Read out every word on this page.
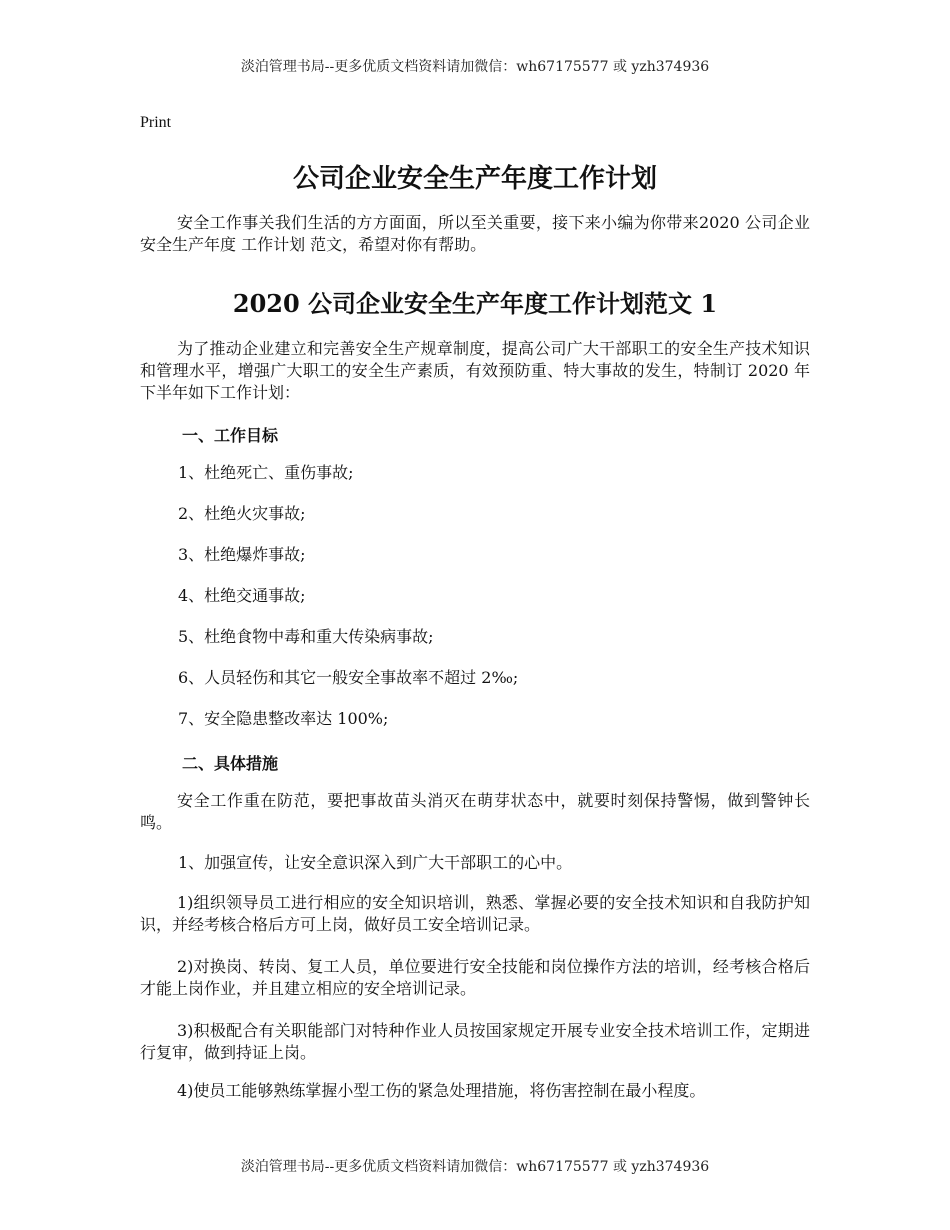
淡泊管理书局--更多优质文档资料请加微信：wh67175577 或 yzh374936
Print
公司企业安全生产年度工作计划
安全工作事关我们生活的方方面面，所以至关重要，接下来小编为你带来2020 公司企业安全生产年度 工作计划 范文，希望对你有帮助。
2020 公司企业安全生产年度工作计划范文 1
为了推动企业建立和完善安全生产规章制度，提高公司广大干部职工的安全生产技术知识和管理水平，增强广大职工的安全生产素质，有效预防重、特大事故的发生，特制订 2020 年下半年如下工作计划：
一、工作目标
1、杜绝死亡、重伤事故;
2、杜绝火灾事故;
3、杜绝爆炸事故;
4、杜绝交通事故;
5、杜绝食物中毒和重大传染病事故;
6、人员轻伤和其它一般安全事故率不超过 2‰;
7、安全隐患整改率达 100%;
二、具体措施
安全工作重在防范，要把事故苗头消灭在萌芽状态中，就要时刻保持警惕，做到警钟长鸣。
1、加强宣传，让安全意识深入到广大干部职工的心中。
1)组织领导员工进行相应的安全知识培训，熟悉、掌握必要的安全技术知识和自我防护知识，并经考核合格后方可上岗，做好员工安全培训记录。
2)对换岗、转岗、复工人员，单位要进行安全技能和岗位操作方法的培训，经考核合格后才能上岗作业，并且建立相应的安全培训记录。
3)积极配合有关职能部门对特种作业人员按国家规定开展专业安全技术培训工作，定期进行复审，做到持证上岗。
4)使员工能够熟练掌握小型工伤的紧急处理措施，将伤害控制在最小程度。
淡泊管理书局--更多优质文档资料请加微信：wh67175577 或 yzh374936
